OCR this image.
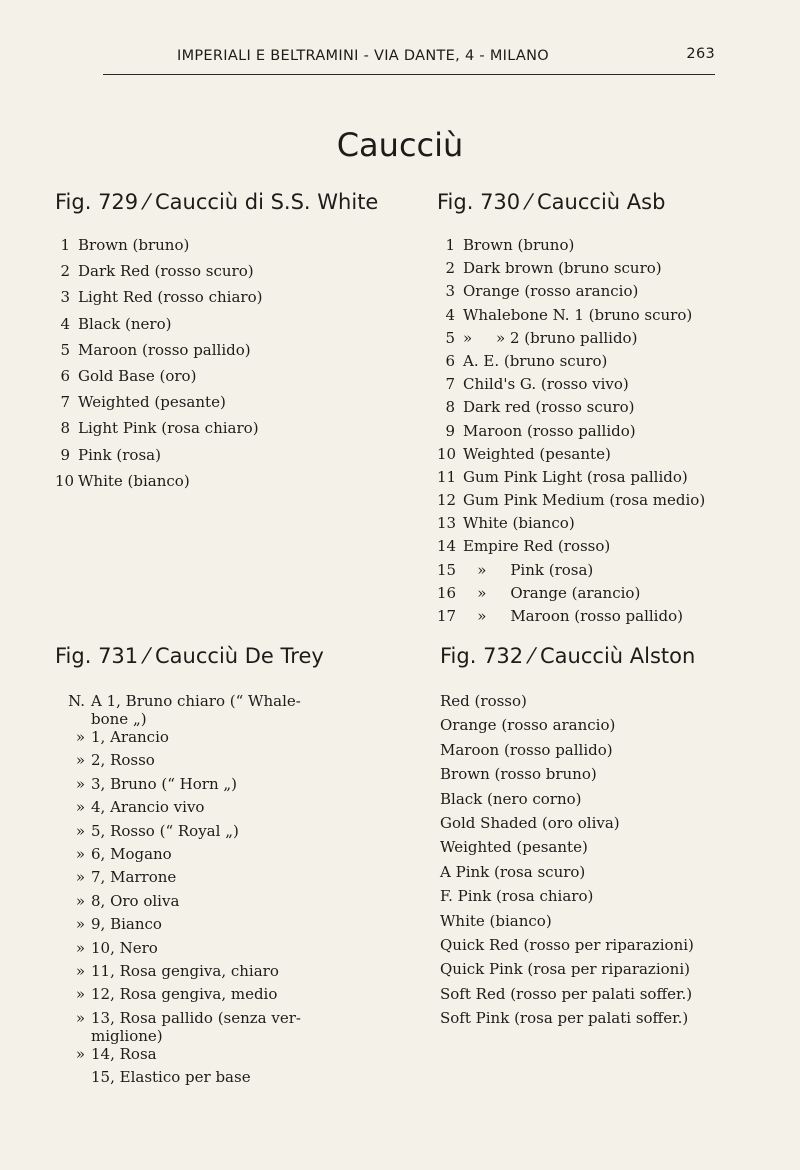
IMPERIALI E BELTRAMINI - VIA DANTE, 4 - MILANO	263
Caucciù
Fig. 729 ⁄ Caucciù di S.S. White
1 Brown (bruno)
2 Dark Red (rosso scuro)
3 Light Red (rosso chiaro)
4 Black (nero)
5 Maroon (rosso pallido)
6 Gold Base (oro)
7 Weighted (pesante)
8 Light Pink (rosa chiaro)
9 Pink (rosa)
10 White (bianco)
Fig. 730 ⁄ Caucciù Asb
1 Brown (bruno)
2 Dark brown (bruno scuro)
3 Orange (rosso arancio)
4 Whalebone N. 1 (bruno scuro)
5 »     » 2 (bruno pallido)
6 A. E. (bruno scuro)
7 Child's G. (rosso vivo)
8 Dark red (rosso scuro)
9 Maroon (rosso pallido)
10 Weighted (pesante)
11 Gum Pink Light (rosa pallido)
12 Gum Pink Medium (rosa medio)
13 White (bianco)
14 Empire Red (rosso)
15 »     Pink (rosa)
16 »     Orange (arancio)
17 »     Maroon (rosso pallido)
Fig. 731 ⁄ Caucciù De Trey
N. A 1, Bruno chiaro (“ Whale- bone „)
» 1, Arancio
» 2, Rosso
» 3, Bruno (“ Horn „)
» 4, Arancio vivo
» 5, Rosso (“ Royal „)
» 6, Mogano
» 7, Marrone
» 8, Oro oliva
» 9, Bianco
» 10, Nero
» 11, Rosa gengiva, chiaro
» 12, Rosa gengiva, medio
» 13, Rosa pallido (senza ver- miglione)
» 14, Rosa
15, Elastico per base
Fig. 732 ⁄ Caucciù Alston
Red (rosso)
Orange (rosso arancio)
Maroon (rosso pallido)
Brown (rosso bruno)
Black (nero corno)
Gold Shaded (oro oliva)
Weighted (pesante)
A Pink (rosa scuro)
F. Pink (rosa chiaro)
White (bianco)
Quick Red (rosso per riparazioni)
Quick Pink (rosa per riparazioni)
Soft Red (rosso per palati soffer.)
Soft Pink (rosa per palati soffer.)
